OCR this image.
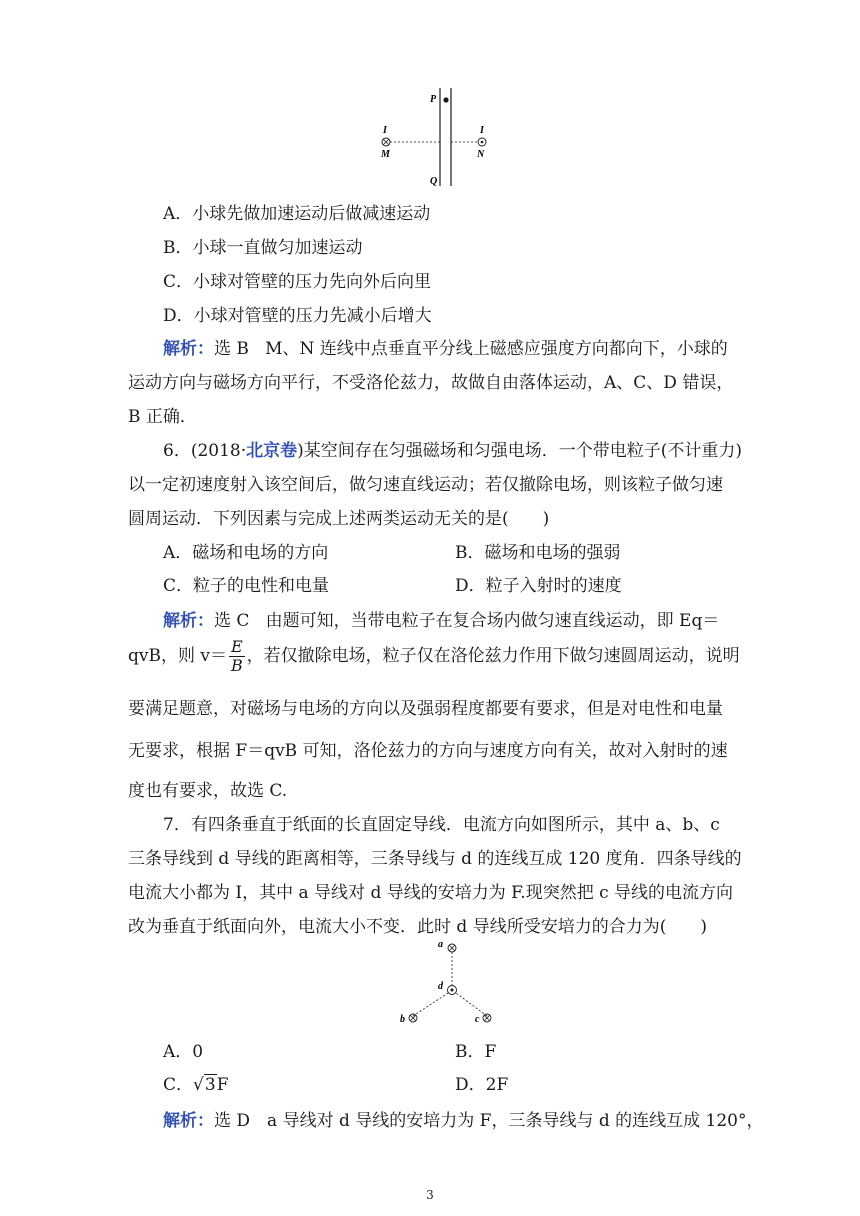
P
Q
I	I
M	N
A．小球先做加速运动后做减速运动
B．小球一直做匀加速运动
C．小球对管壁的压力先向外后向里
D．小球对管壁的压力先减小后增大
解析：选 B M、N 连线中点垂直平分线上磁感应强度方向都向下，小球的
运动方向与磁场方向平行，不受洛伦兹力，故做自由落体运动，A、C、D 错误，
B 正确．
6．(2018·北京卷)某空间存在匀强磁场和匀强电场．一个带电粒子(不计重力)
以一定初速度射入该空间后，做匀速直线运动；若仅撤除电场，则该粒子做匀速
圆周运动．下列因素与完成上述两类运动无关的是(　　)
A．磁场和电场的方向	B．磁场和电场的强弱
C．粒子的电性和电量	D．粒子入射时的速度
解析：选 C 由题可知，当带电粒子在复合场内做匀速直线运动，即 Eq＝
qvB，则 $v= \frac{E}{B}$ ，若仅撤除电场，粒子仅在洛伦兹力作用下做匀速圆周运动，说明
要满足题意，对磁场与电场的方向以及强弱程度都要有要求，但是对电性和电量
无要求，根据 F＝qvB 可知，洛伦兹力的方向与速度方向有关，故对入射时的速
度也有要求，故选 C.
7．有四条垂直于纸面的长直固定导线．电流方向如图所示，其中 a、b、c
三条导线到 d 导线的距离相等，三条导线与 d 的连线互成 120 度角．四条导线的
电流大小都为 I，其中 a 导线对 d 导线的安培力为 F.现突然把 c 导线的电流方向
改为垂直于纸面向外，电流大小不变．此时 d 导线所受安培力的合力为(　　)
a
d
b	c
A．0	B．F
C．√3F	D．2F
解析：选 D　a 导线对 d 导线的安培力为 F，三条导线与 d 的连线互成 120°，
3
